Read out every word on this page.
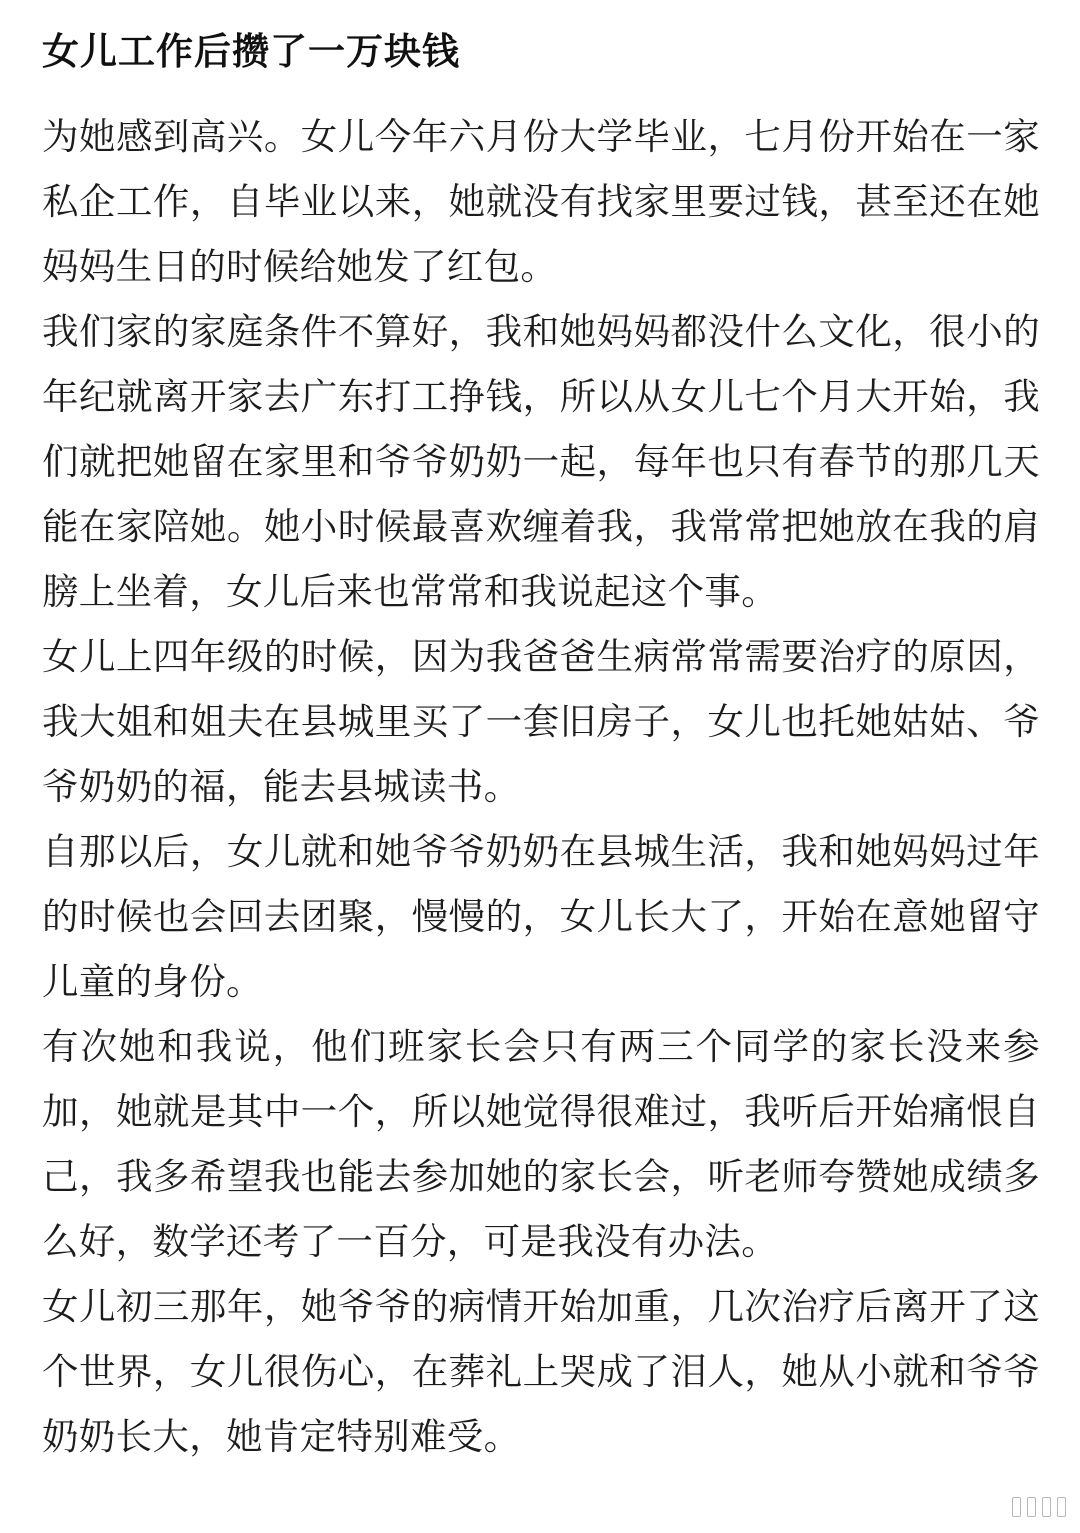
女儿工作后攒了一万块钱

为她感到高兴。女儿今年六月份大学毕业，七月份开始在一家私企工作，自毕业以来，她就没有找家里要过钱，甚至还在她妈妈生日的时候给她发了红包。

我们家的家庭条件不算好，我和她妈妈都没什么文化，很小的年纪就离开家去广东打工挣钱，所以从女儿七个月大开始，我们就把她留在家里和爷爷奶奶一起，每年也只有春节的那几天能在家陪她。她小时候最喜欢缠着我，我常常把她放在我的肩膀上坐着，女儿后来也常常和我说起这个事。

女儿上四年级的时候，因为我爸爸生病常常需要治疗的原因，我大姐和姐夫在县城里买了一套旧房子，女儿也托她姑姑、爷爷奶奶的福，能去县城读书。

自那以后，女儿就和她爷爷奶奶在县城生活，我和她妈妈过年的时候也会回去团聚，慢慢的，女儿长大了，开始在意她留守儿童的身份。

有次她和我说，他们班家长会只有两三个同学的家长没来参加，她就是其中一个，所以她觉得很难过，我听后开始痛恨自己，我多希望我也能去参加她的家长会，听老师夸赞她成绩多么好，数学还考了一百分，可是我没有办法。

女儿初三那年，她爷爷的病情开始加重，几次治疗后离开了这个世界，女儿很伤心，在葬礼上哭成了泪人，她从小就和爷爷奶奶长大，她肯定特别难受。
